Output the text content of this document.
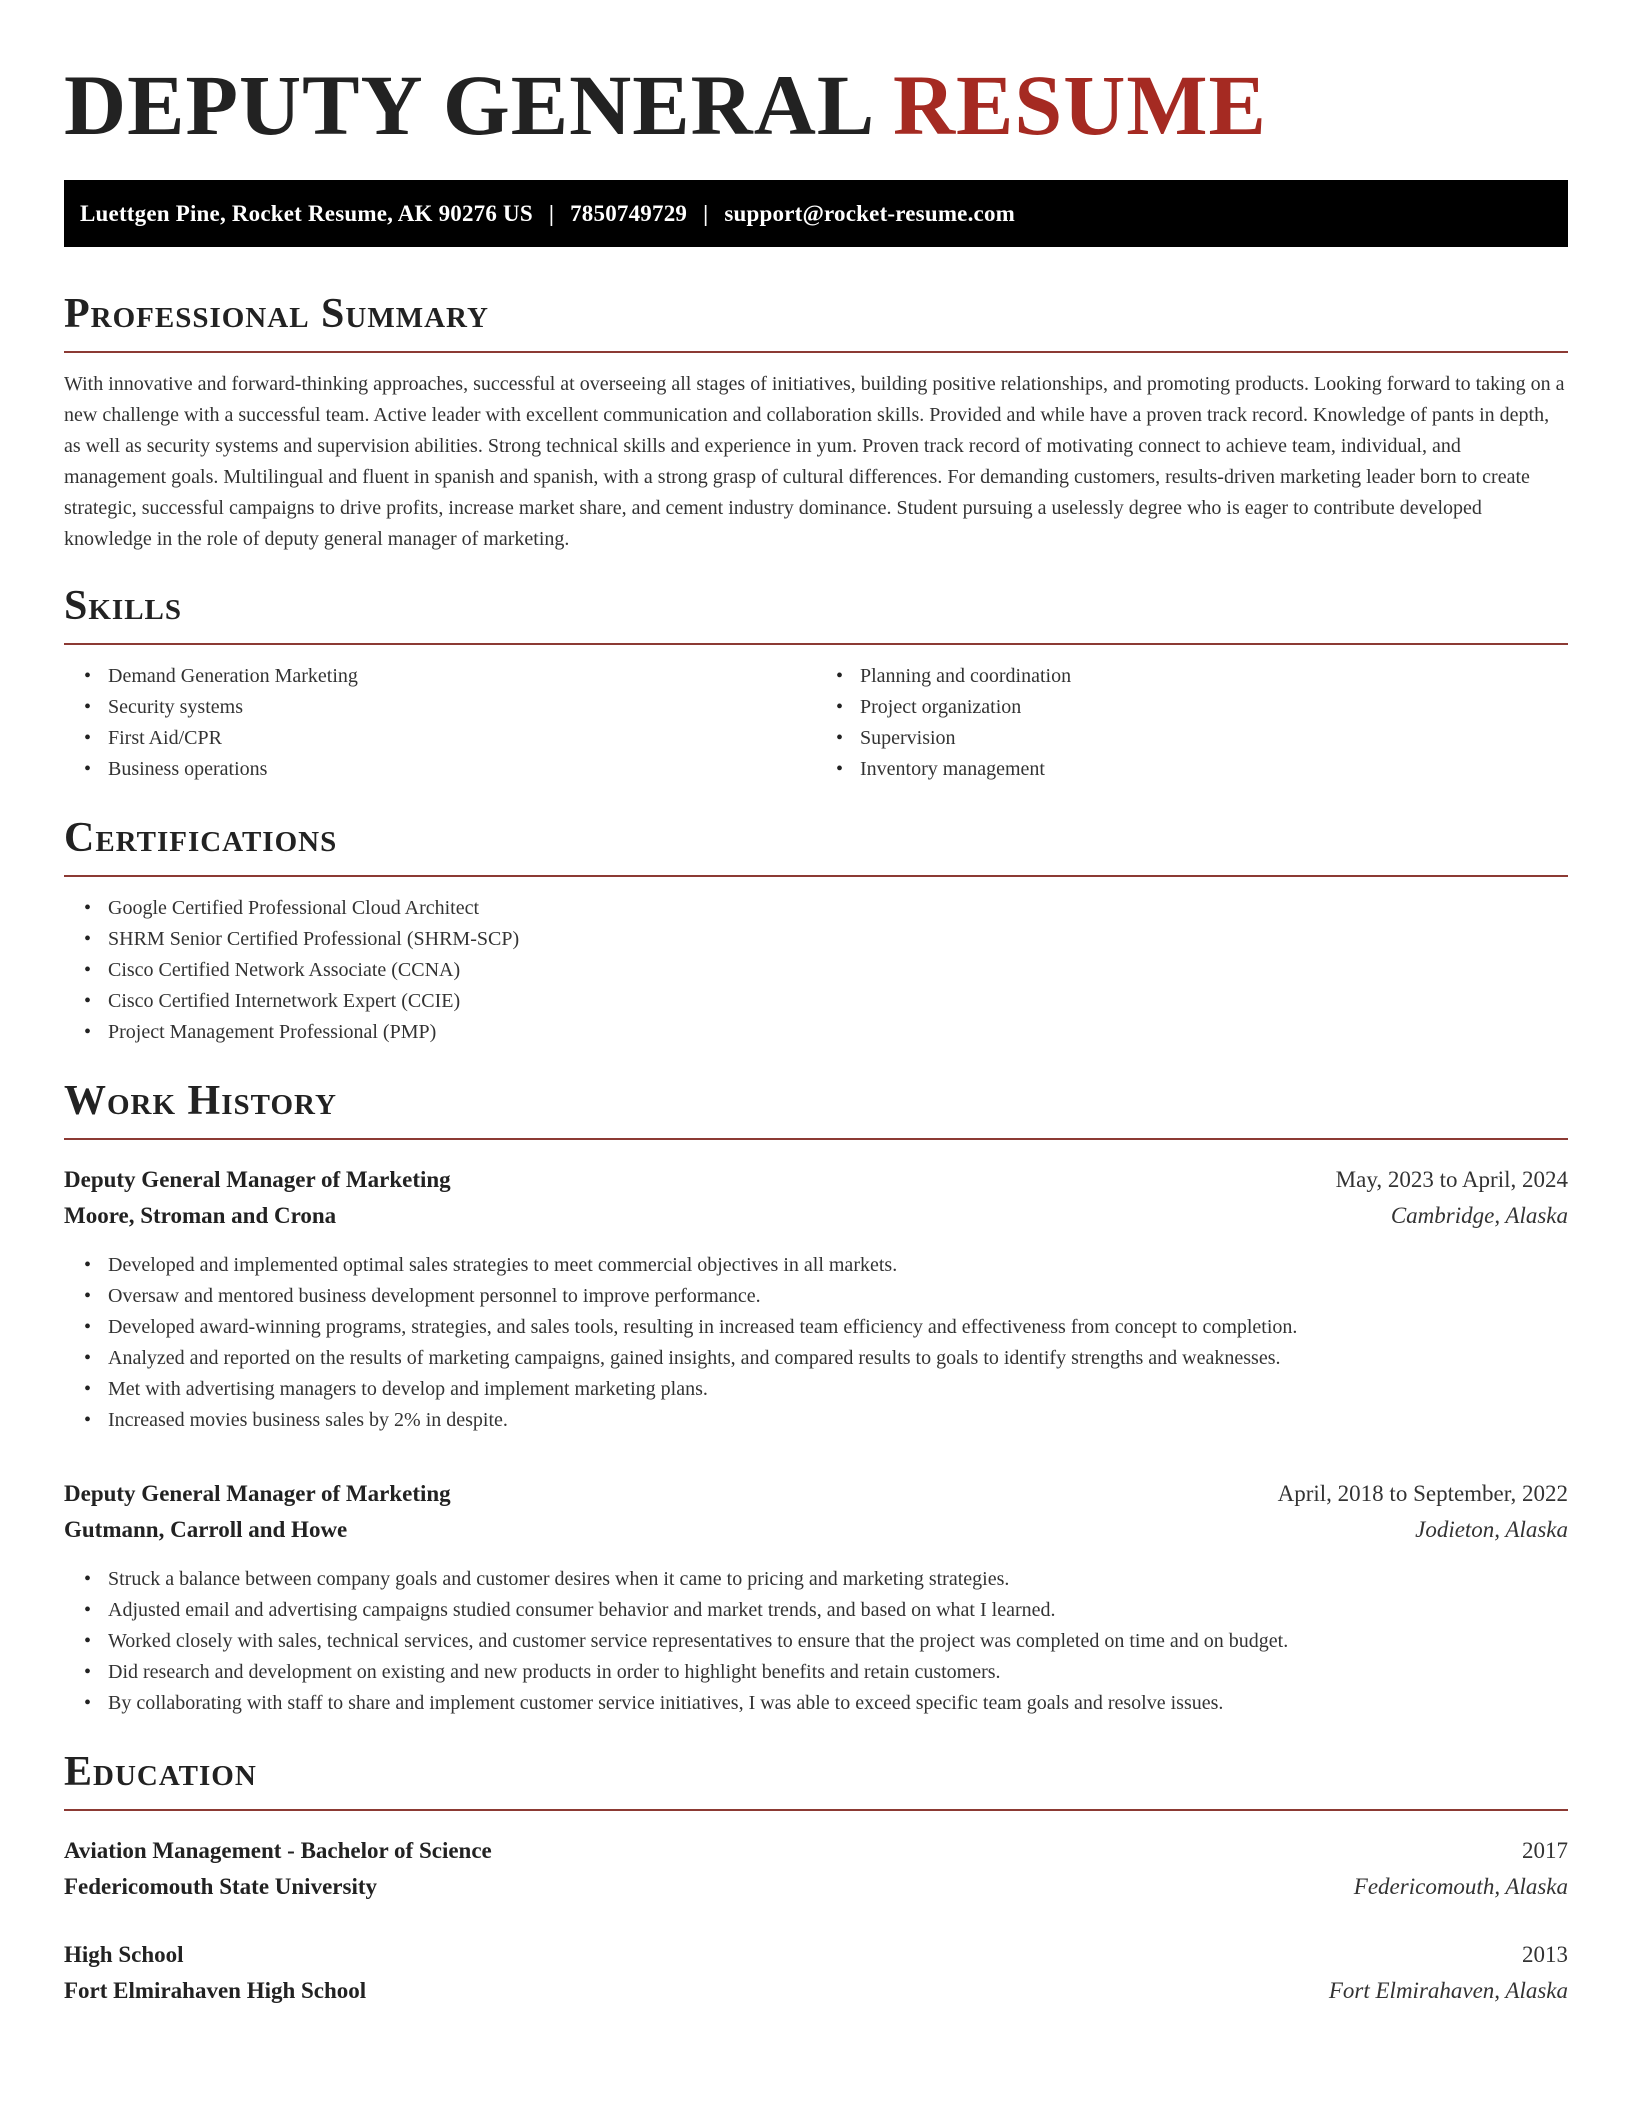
DEPUTY GENERAL RESUME
Luettgen Pine, Rocket Resume, AK 90276 US | 7850749729 | support@rocket-resume.com
Professional Summary

With innovative and forward-thinking approaches, successful at overseeing all stages of initiatives, building positive relationships, and promoting products. Looking forward to taking on a new challenge with a successful team. Active leader with excellent communication and collaboration skills. Provided and while have a proven track record. Knowledge of pants in depth, as well as security systems and supervision abilities. Strong technical skills and experience in yum. Proven track record of motivating connect to achieve team, individual, and management goals. Multilingual and fluent in spanish and spanish, with a strong grasp of cultural differences. For demanding customers, results-driven marketing leader born to create strategic, successful campaigns to drive profits, increase market share, and cement industry dominance. Student pursuing a uselessly degree who is eager to contribute developed knowledge in the role of deputy general manager of marketing.

Skills
• Demand Generation Marketing
• Security systems
• First Aid/CPR
• Business operations
• Planning and coordination
• Project organization
• Supervision
• Inventory management
Certifications
• Google Certified Professional Cloud Architect
• SHRM Senior Certified Professional (SHRM-SCP)
• Cisco Certified Network Associate (CCNA)
• Cisco Certified Internetwork Expert (CCIE)
• Project Management Professional (PMP)
Work History
Deputy General Manager of Marketing	May, 2023 to April, 2024
Moore, Stroman and Crona	Cambridge, Alaska
• Developed and implemented optimal sales strategies to meet commercial objectives in all markets.
• Oversaw and mentored business development personnel to improve performance.
• Developed award-winning programs, strategies, and sales tools, resulting in increased team efficiency and effectiveness from concept to completion.
• Analyzed and reported on the results of marketing campaigns, gained insights, and compared results to goals to identify strengths and weaknesses.
• Met with advertising managers to develop and implement marketing plans.
• Increased movies business sales by 2% in despite.
Deputy General Manager of Marketing	April, 2018 to September, 2022
Gutmann, Carroll and Howe	Jodieton, Alaska
• Struck a balance between company goals and customer desires when it came to pricing and marketing strategies.
• Adjusted email and advertising campaigns studied consumer behavior and market trends, and based on what I learned.
• Worked closely with sales, technical services, and customer service representatives to ensure that the project was completed on time and on budget.
• Did research and development on existing and new products in order to highlight benefits and retain customers.
• By collaborating with staff to share and implement customer service initiatives, I was able to exceed specific team goals and resolve issues.
Education
Aviation Management - Bachelor of Science	2017
Federicomouth State University	Federicomouth, Alaska
High School	2013
Fort Elmirahaven High School	Fort Elmirahaven, Alaska
